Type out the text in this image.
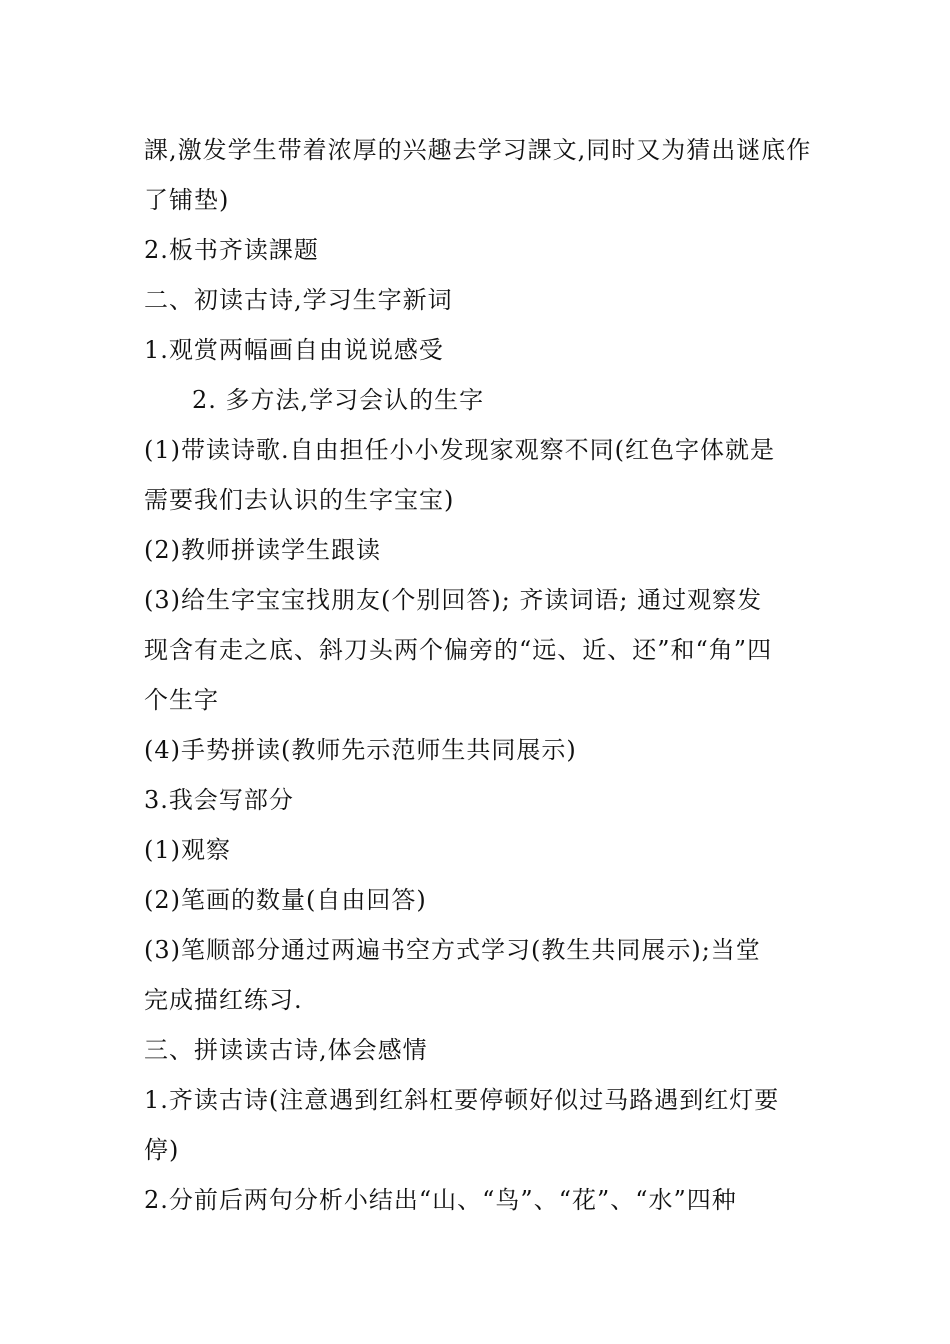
課,激发学生带着浓厚的兴趣去学习課文,同时又为猜出谜底作
了铺垫)
2.板书齐读課题
二、初读古诗,学习生字新词
1.观赏两幅画自由说说感受
2. 多方法,学习会认的生字
(1)带读诗歌.自由担任小小发现家观察不同(红色字体就是
需要我们去认识的生字宝宝)
(2)教师拼读学生跟读
(3)给生字宝宝找朋友(个别回答); 齐读词语; 通过观察发
现含有走之底、斜刀头两个偏旁的“远、近、还”和“角”四
个生字
(4)手势拼读(教师先示范师生共同展示)
3.我会写部分
(1)观察
(2)笔画的数量(自由回答)
(3)笔顺部分通过两遍书空方式学习(教生共同展示);当堂
完成描红练习.
三、拼读读古诗,体会感情
1.齐读古诗(注意遇到红斜杠要停顿好似过马路遇到红灯要
停)
2.分前后两句分析小结出“山、“鸟”、“花”、“水”四种
